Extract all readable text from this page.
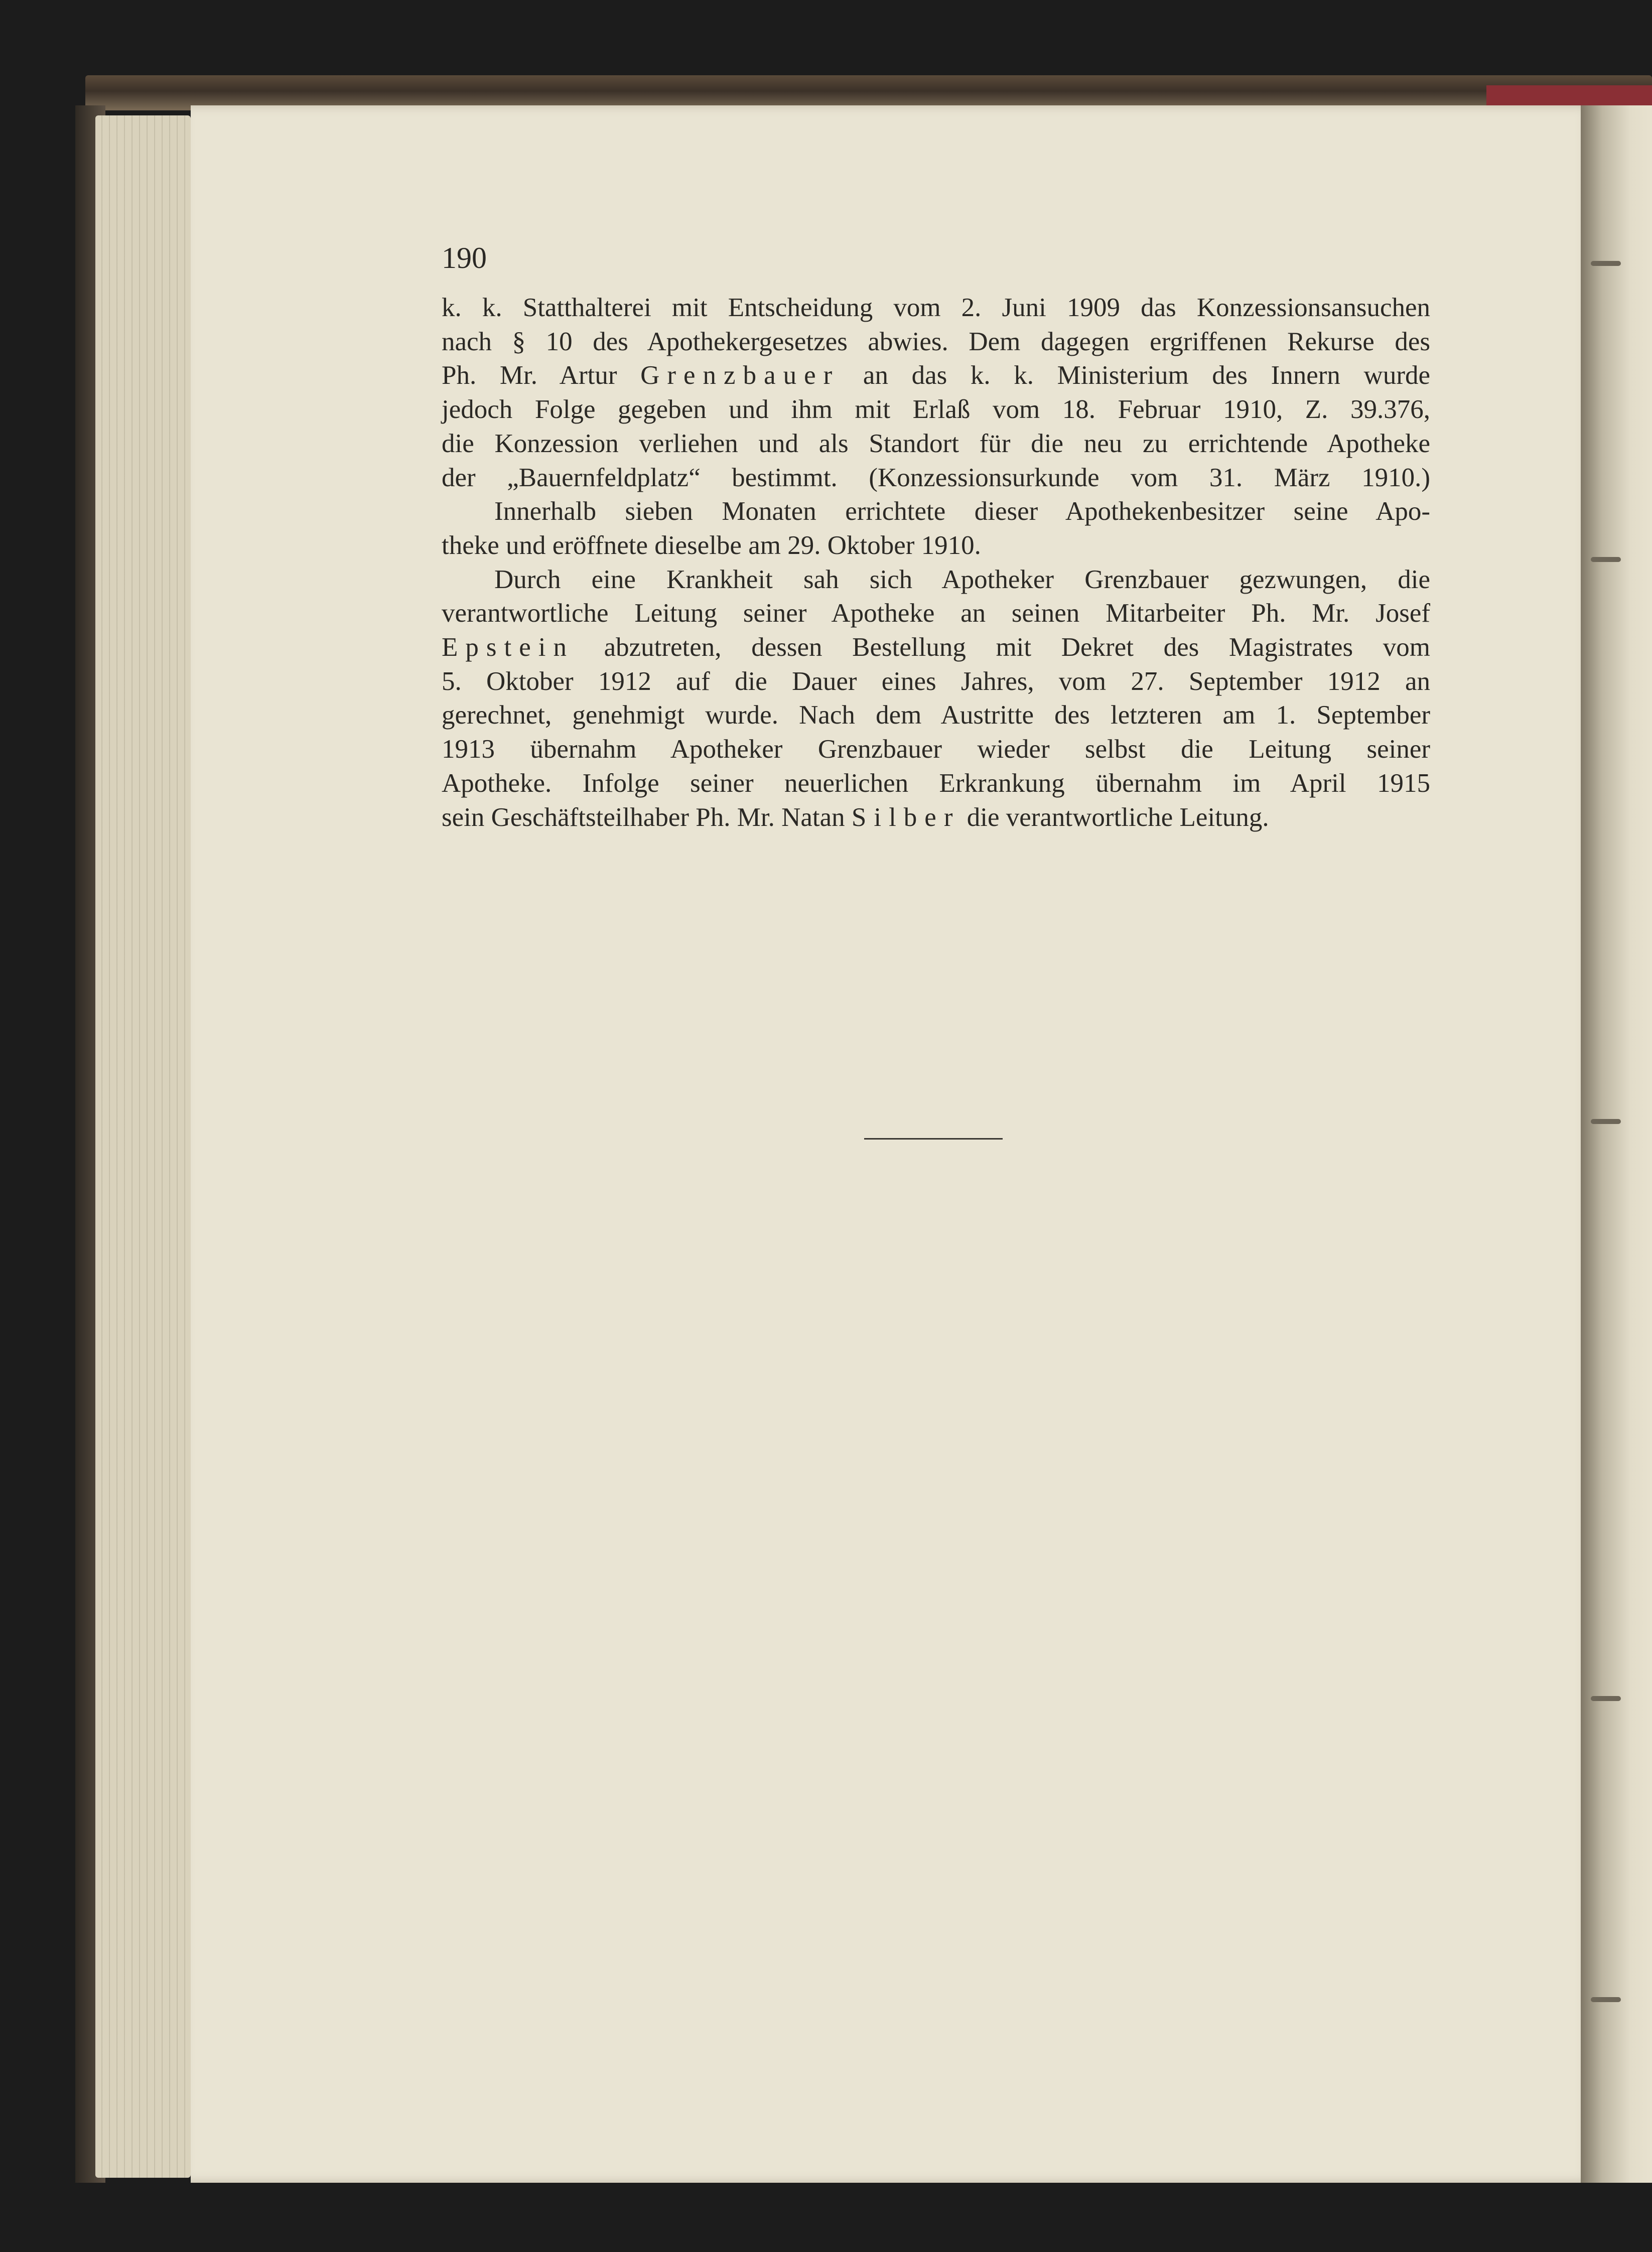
190

k. k. Statthalterei mit Entscheidung vom 2. Juni 1909 das Konzessionsansuchen

nach § 10 des Apothekergesetzes abwies. Dem dagegen ergriffenen Rekurse des

Ph. Mr. Artur Grenzbauer an das k. k. Ministerium des Innern wurde

jedoch Folge gegeben und ihm mit Erlaß vom 18. Februar 1910, Z. 39.376,

die Konzession verliehen und als Standort für die neu zu errichtende Apotheke

der „Bauernfeldplatz“ bestimmt. (Konzessionsurkunde vom 31. März 1910.)

Innerhalb sieben Monaten errichtete dieser Apothekenbesitzer seine Apo-

theke und eröffnete dieselbe am 29. Oktober 1910.

Durch eine Krankheit sah sich Apotheker Grenzbauer gezwungen, die

verantwortliche Leitung seiner Apotheke an seinen Mitarbeiter Ph. Mr. Josef

Epstein abzutreten, dessen Bestellung mit Dekret des Magistrates vom

5. Oktober 1912 auf die Dauer eines Jahres, vom 27. September 1912 an

gerechnet, genehmigt wurde. Nach dem Austritte des letzteren am 1. September

1913 übernahm Apotheker Grenzbauer wieder selbst die Leitung seiner

Apotheke. Infolge seiner neuerlichen Erkrankung übernahm im April 1915

sein Geschäftsteilhaber Ph. Mr. Natan Silber die verantwortliche Leitung.
